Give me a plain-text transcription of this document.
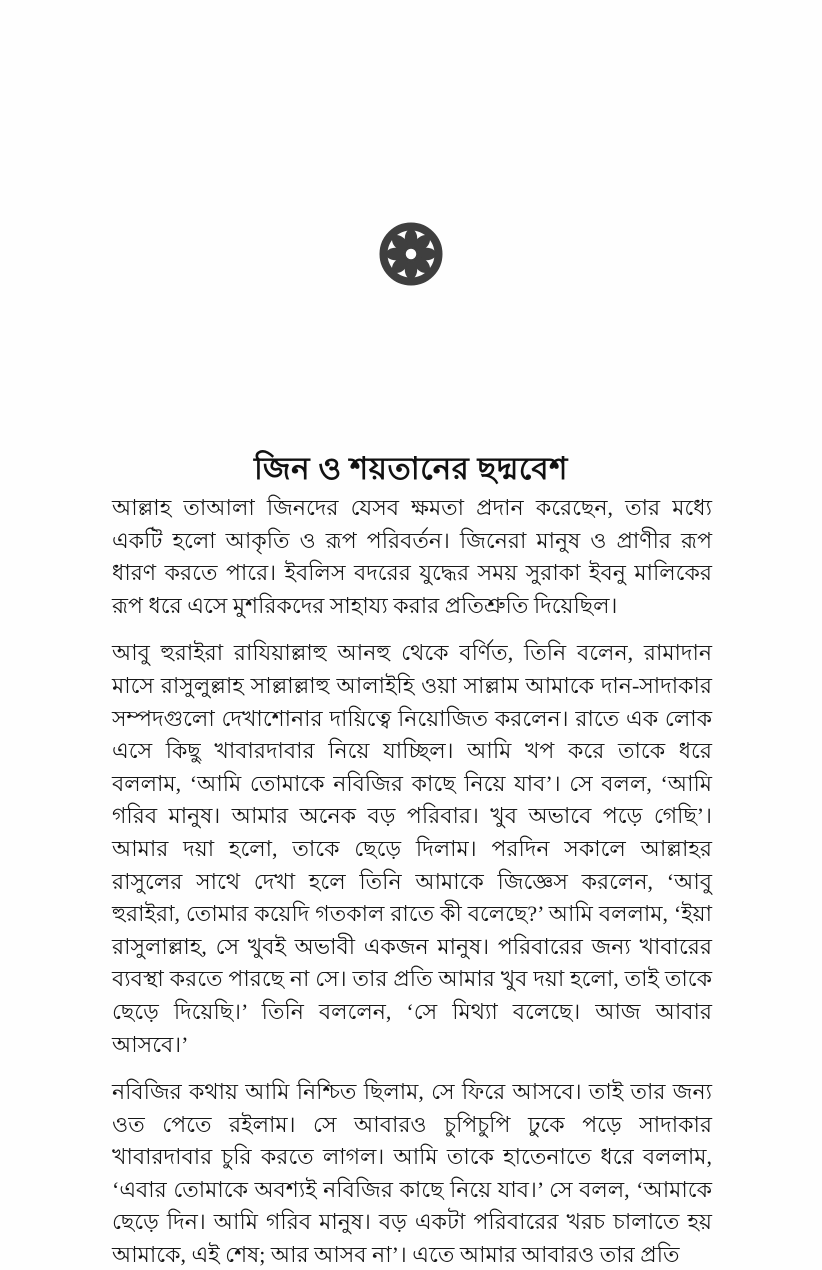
জিন ও শয়তানের ছদ্মবেশ

আল্লাহ তাআলা জিনদের যেসব ক্ষমতা প্রদান করেছেন, তার মধ্যে একটি হলো আকৃতি ও রূপ পরিবর্তন। জিনেরা মানুষ ও প্রাণীর রূপ ধারণ করতে পারে। ইবলিস বদরের যুদ্ধের সময় সুরাকা ইবনু মালিকের রূপ ধরে এসে মুশরিকদের সাহায্য করার প্রতিশ্রুতি দিয়েছিল।

আবু হুরাইরা রাযিয়াল্লাহু আনহু থেকে বর্ণিত, তিনি বলেন, রামাদান মাসে রাসুলুল্লাহ সাল্লাল্লাহু আলাইহি ওয়া সাল্লাম আমাকে দান-সাদাকার সম্পদগুলো দেখাশোনার দায়িত্বে নিয়োজিত করলেন। রাতে এক লোক এসে কিছু খাবারদাবার নিয়ে যাচ্ছিল। আমি খপ করে তাকে ধরে বললাম, ‘আমি তোমাকে নবিজির কাছে নিয়ে যাব’। সে বলল, ‘আমি গরিব মানুষ। আমার অনেক বড় পরিবার। খুব অভাবে পড়ে গেছি’। আমার দয়া হলো, তাকে ছেড়ে দিলাম। পরদিন সকালে আল্লাহর রাসুলের সাথে দেখা হলে তিনি আমাকে জিজ্ঞেস করলেন, ‘আবু হুরাইরা, তোমার কয়েদি গতকাল রাতে কী বলেছে?’ আমি বললাম, ‘ইয়া রাসুলাল্লাহ, সে খুবই অভাবী একজন মানুষ। পরিবারের জন্য খাবারের ব্যবস্থা করতে পারছে না সে। তার প্রতি আমার খুব দয়া হলো, তাই তাকে ছেড়ে দিয়েছি।’ তিনি বললেন, ‘সে মিথ্যা বলেছে। আজ আবার আসবে।’

নবিজির কথায় আমি নিশ্চিত ছিলাম, সে ফিরে আসবে। তাই তার জন্য ওত পেতে রইলাম। সে আবারও চুপিচুপি ঢুকে পড়ে সাদাকার খাবারদাবার চুরি করতে লাগল। আমি তাকে হাতেনাতে ধরে বললাম, ‘এবার তোমাকে অবশ্যই নবিজির কাছে নিয়ে যাব।’ সে বলল, ‘আমাকে ছেড়ে দিন। আমি গরিব মানুষ। বড় একটা পরিবারের খরচ চালাতে হয় আমাকে, এই শেষ; আর আসব না’। এতে আমার আবারও তার প্রতি
